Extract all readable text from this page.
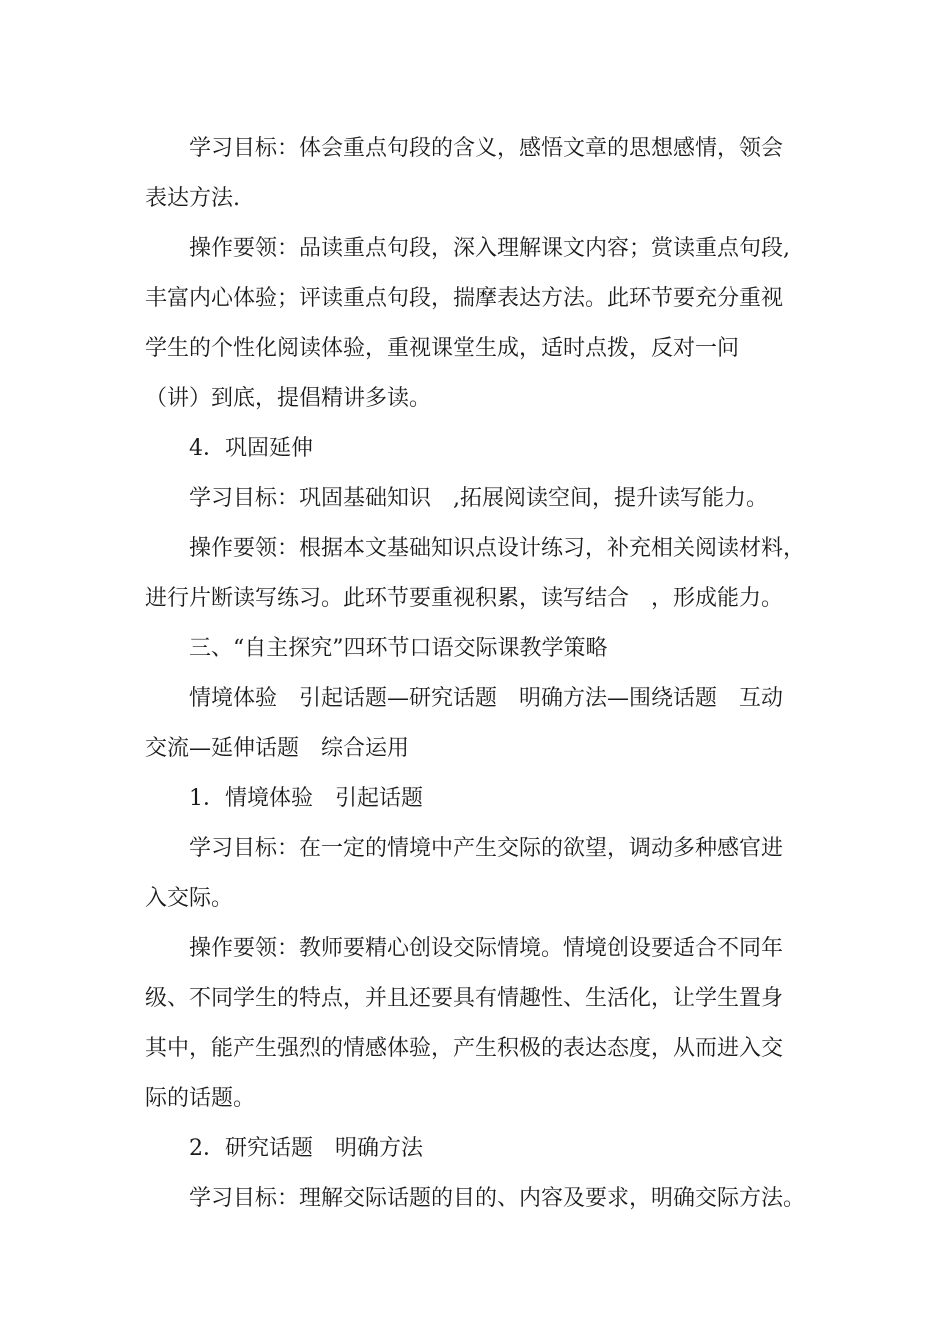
学习目标：体会重点句段的含义，感悟文章的思想感情，领会
表达方法.
操作要领：品读重点句段，深入理解课文内容；赏读重点句段,
丰富内心体验；评读重点句段，揣摩表达方法。此环节要充分重视
学生的个性化阅读体验，重视课堂生成，适时点拨，反对一问
（讲）到底，提倡精讲多读。
4．巩固延伸
学习目标：巩固基础知识　,拓展阅读空间，提升读写能力。
操作要领：根据本文基础知识点设计练习，补充相关阅读材料，
进行片断读写练习。此环节要重视积累，读写结合　，形成能力。
三、“自主探究”四环节口语交际课教学策略
情境体验　引起话题—研究话题　明确方法—围绕话题　互动
交流—延伸话题　综合运用
1．情境体验　引起话题
学习目标：在一定的情境中产生交际的欲望，调动多种感官进
入交际。
操作要领：教师要精心创设交际情境。情境创设要适合不同年
级、不同学生的特点，并且还要具有情趣性、生活化，让学生置身
其中，能产生强烈的情感体验，产生积极的表达态度，从而进入交
际的话题。
2．研究话题　明确方法
学习目标：理解交际话题的目的、内容及要求，明确交际方法。
